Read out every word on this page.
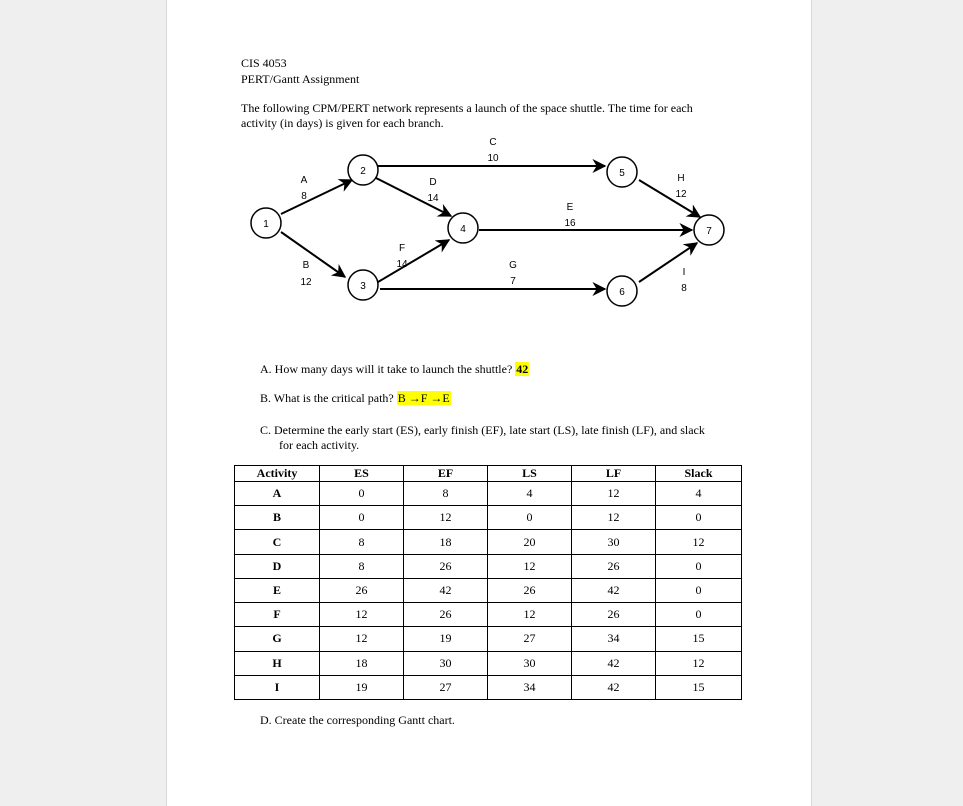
CIS 4053
PERT/Gantt Assignment
The following CPM/PERT network represents a launch of the space shuttle. The time for each
activity (in days) is given for each branch.
1
2
3
4
5
6
7
A
8
B
12
C
10
D
14
E
16
F
14	G
7
H
12
I
8
A. How many days will it take to launch the shuttle? 42
B. What is the critical path? B →F →E
C. Determine the early start (ES), early finish (EF), late start (LS), late finish (LF), and slack
for each activity.
Activity	ES	EF	LS	LF	Slack
A	0	8	4	12	4
B	0	12	0	12	0
C	8	18	20	30	12
D	8	26	12	26	0
E	26	42	26	42	0
F	12	26	12	26	0
G	12	19	27	34	15
H	18	30	30	42	12
I	19	27	34	42	15
D. Create the corresponding Gantt chart.
